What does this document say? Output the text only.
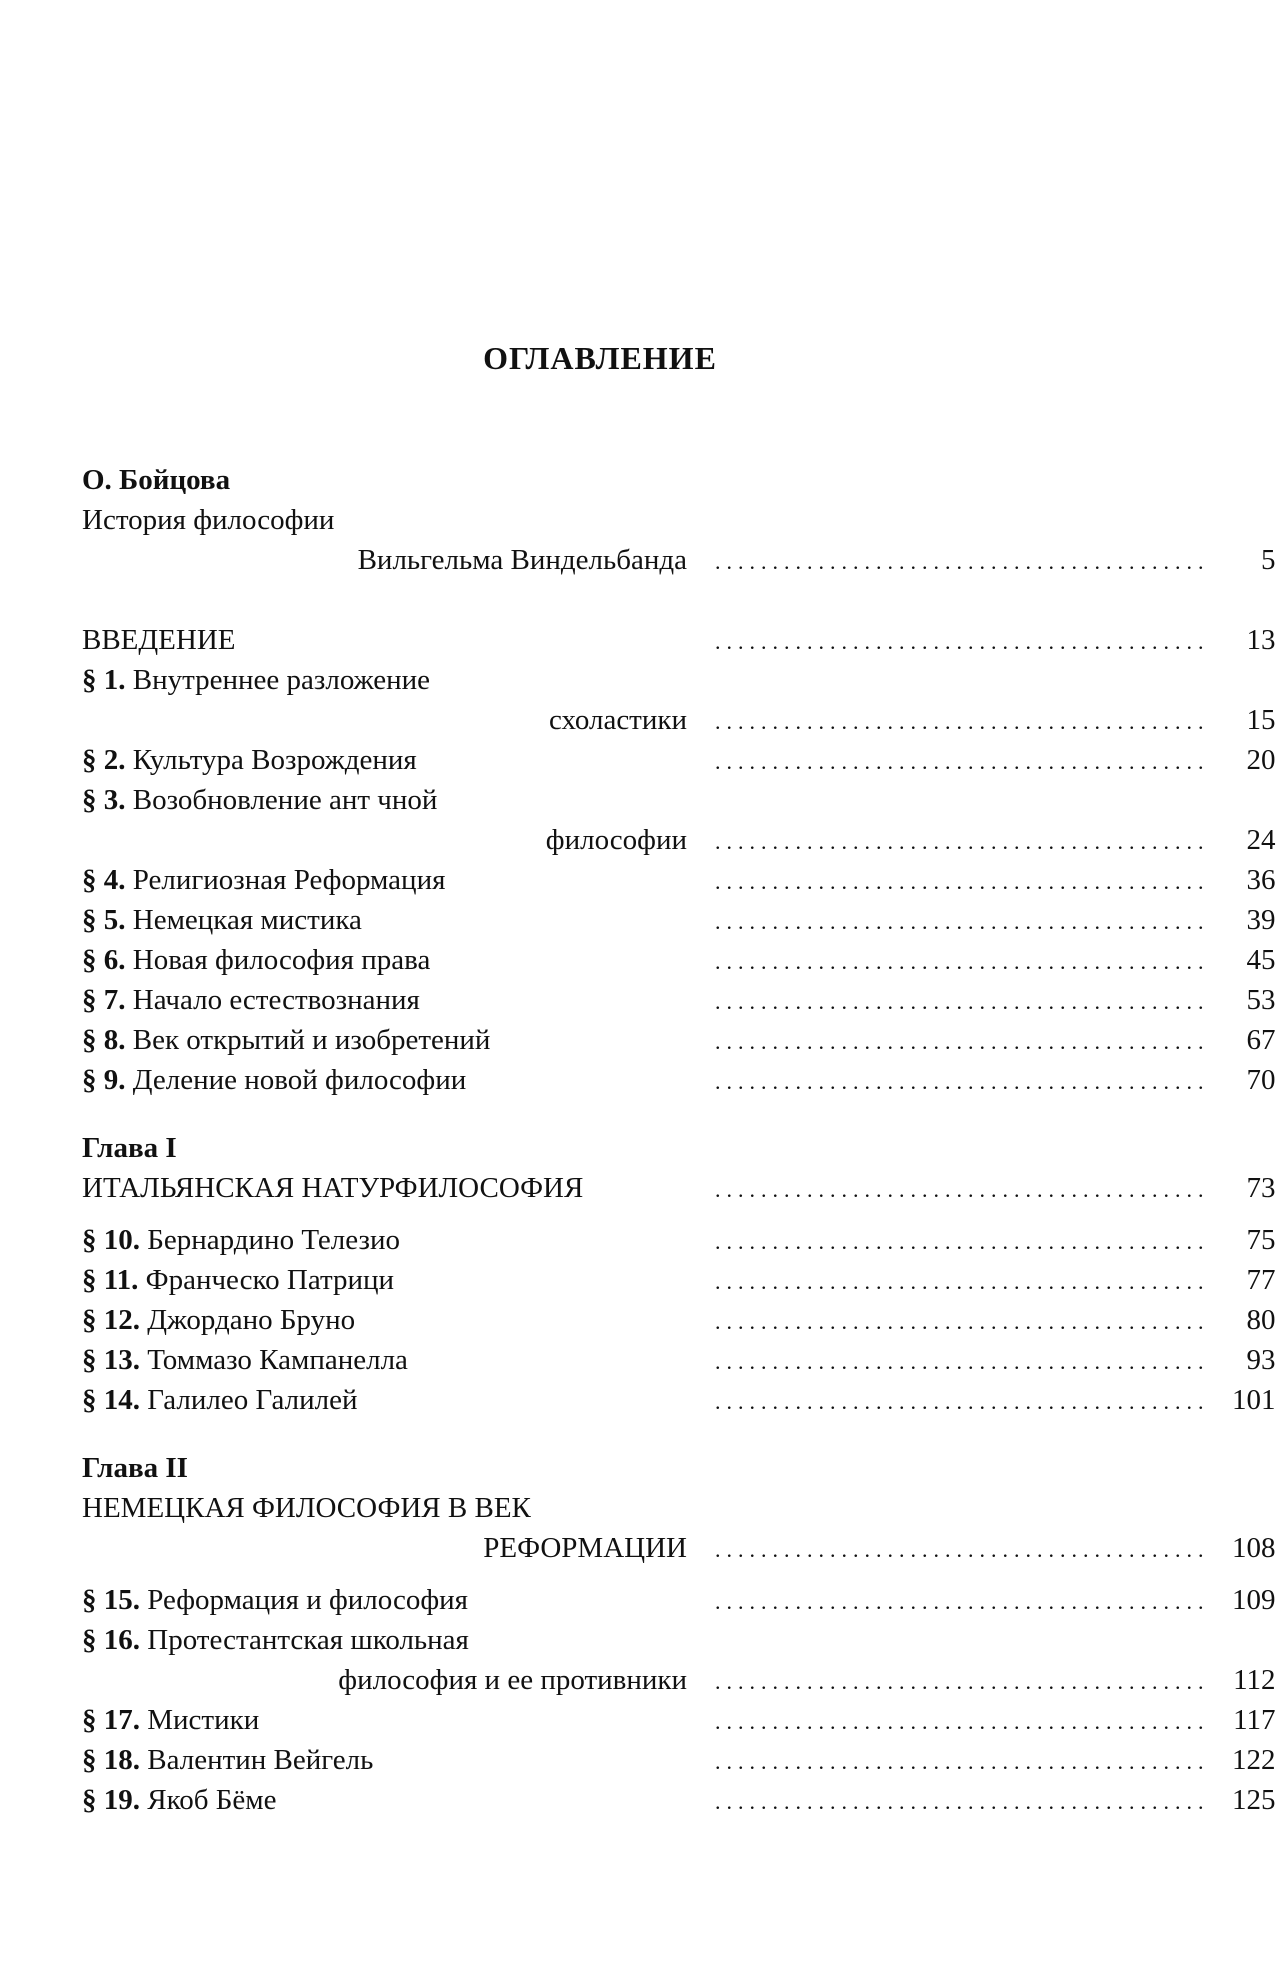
ОГЛАВЛЕНИЕ
О. Бойцова
История философии
Вильгельма Виндельбанда ...........................................	5
ВВЕДЕНИЕ	...........................................	13
§ 1. Внутреннее разложение
схоластики ...........................................	15
§ 2. Культура Возрождения	...........................................	20
§ 3. Возобновление ант чной
философии ...........................................	24
§ 4. Религиозная Реформация	...........................................	36
§ 5. Немецкая мистика	...........................................	39
§ 6. Новая философия права	...........................................	45
§ 7. Начало естествознания	...........................................	53
§ 8. Век открытий и изобретений	...........................................	67
§ 9. Деление новой философии	...........................................	70
Глава I
ИТАЛЬЯНСКАЯ НАТУРФИЛОСОФИЯ	...........................................	73
§ 10. Бернардино Телезио	...........................................	75
§ 11. Франческо Патрици	...........................................	77
§ 12. Джордано Бруно	...........................................	80
§ 13. Томмазо Кампанелла	...........................................	93
§ 14. Галилео Галилей	........................................... 101
Глава II
НЕМЕЦКАЯ ФИЛОСОФИЯ В ВЕК
РЕФОРМАЦИИ ........................................... 108
§ 15. Реформация и философия	........................................... 109
§ 16. Протестантская школьная
философия и ее противники ........................................... 112
§ 17. Мистики	........................................... 117
§ 18. Валентин Вейгель	........................................... 122
§ 19. Якоб Бёме	........................................... 125
